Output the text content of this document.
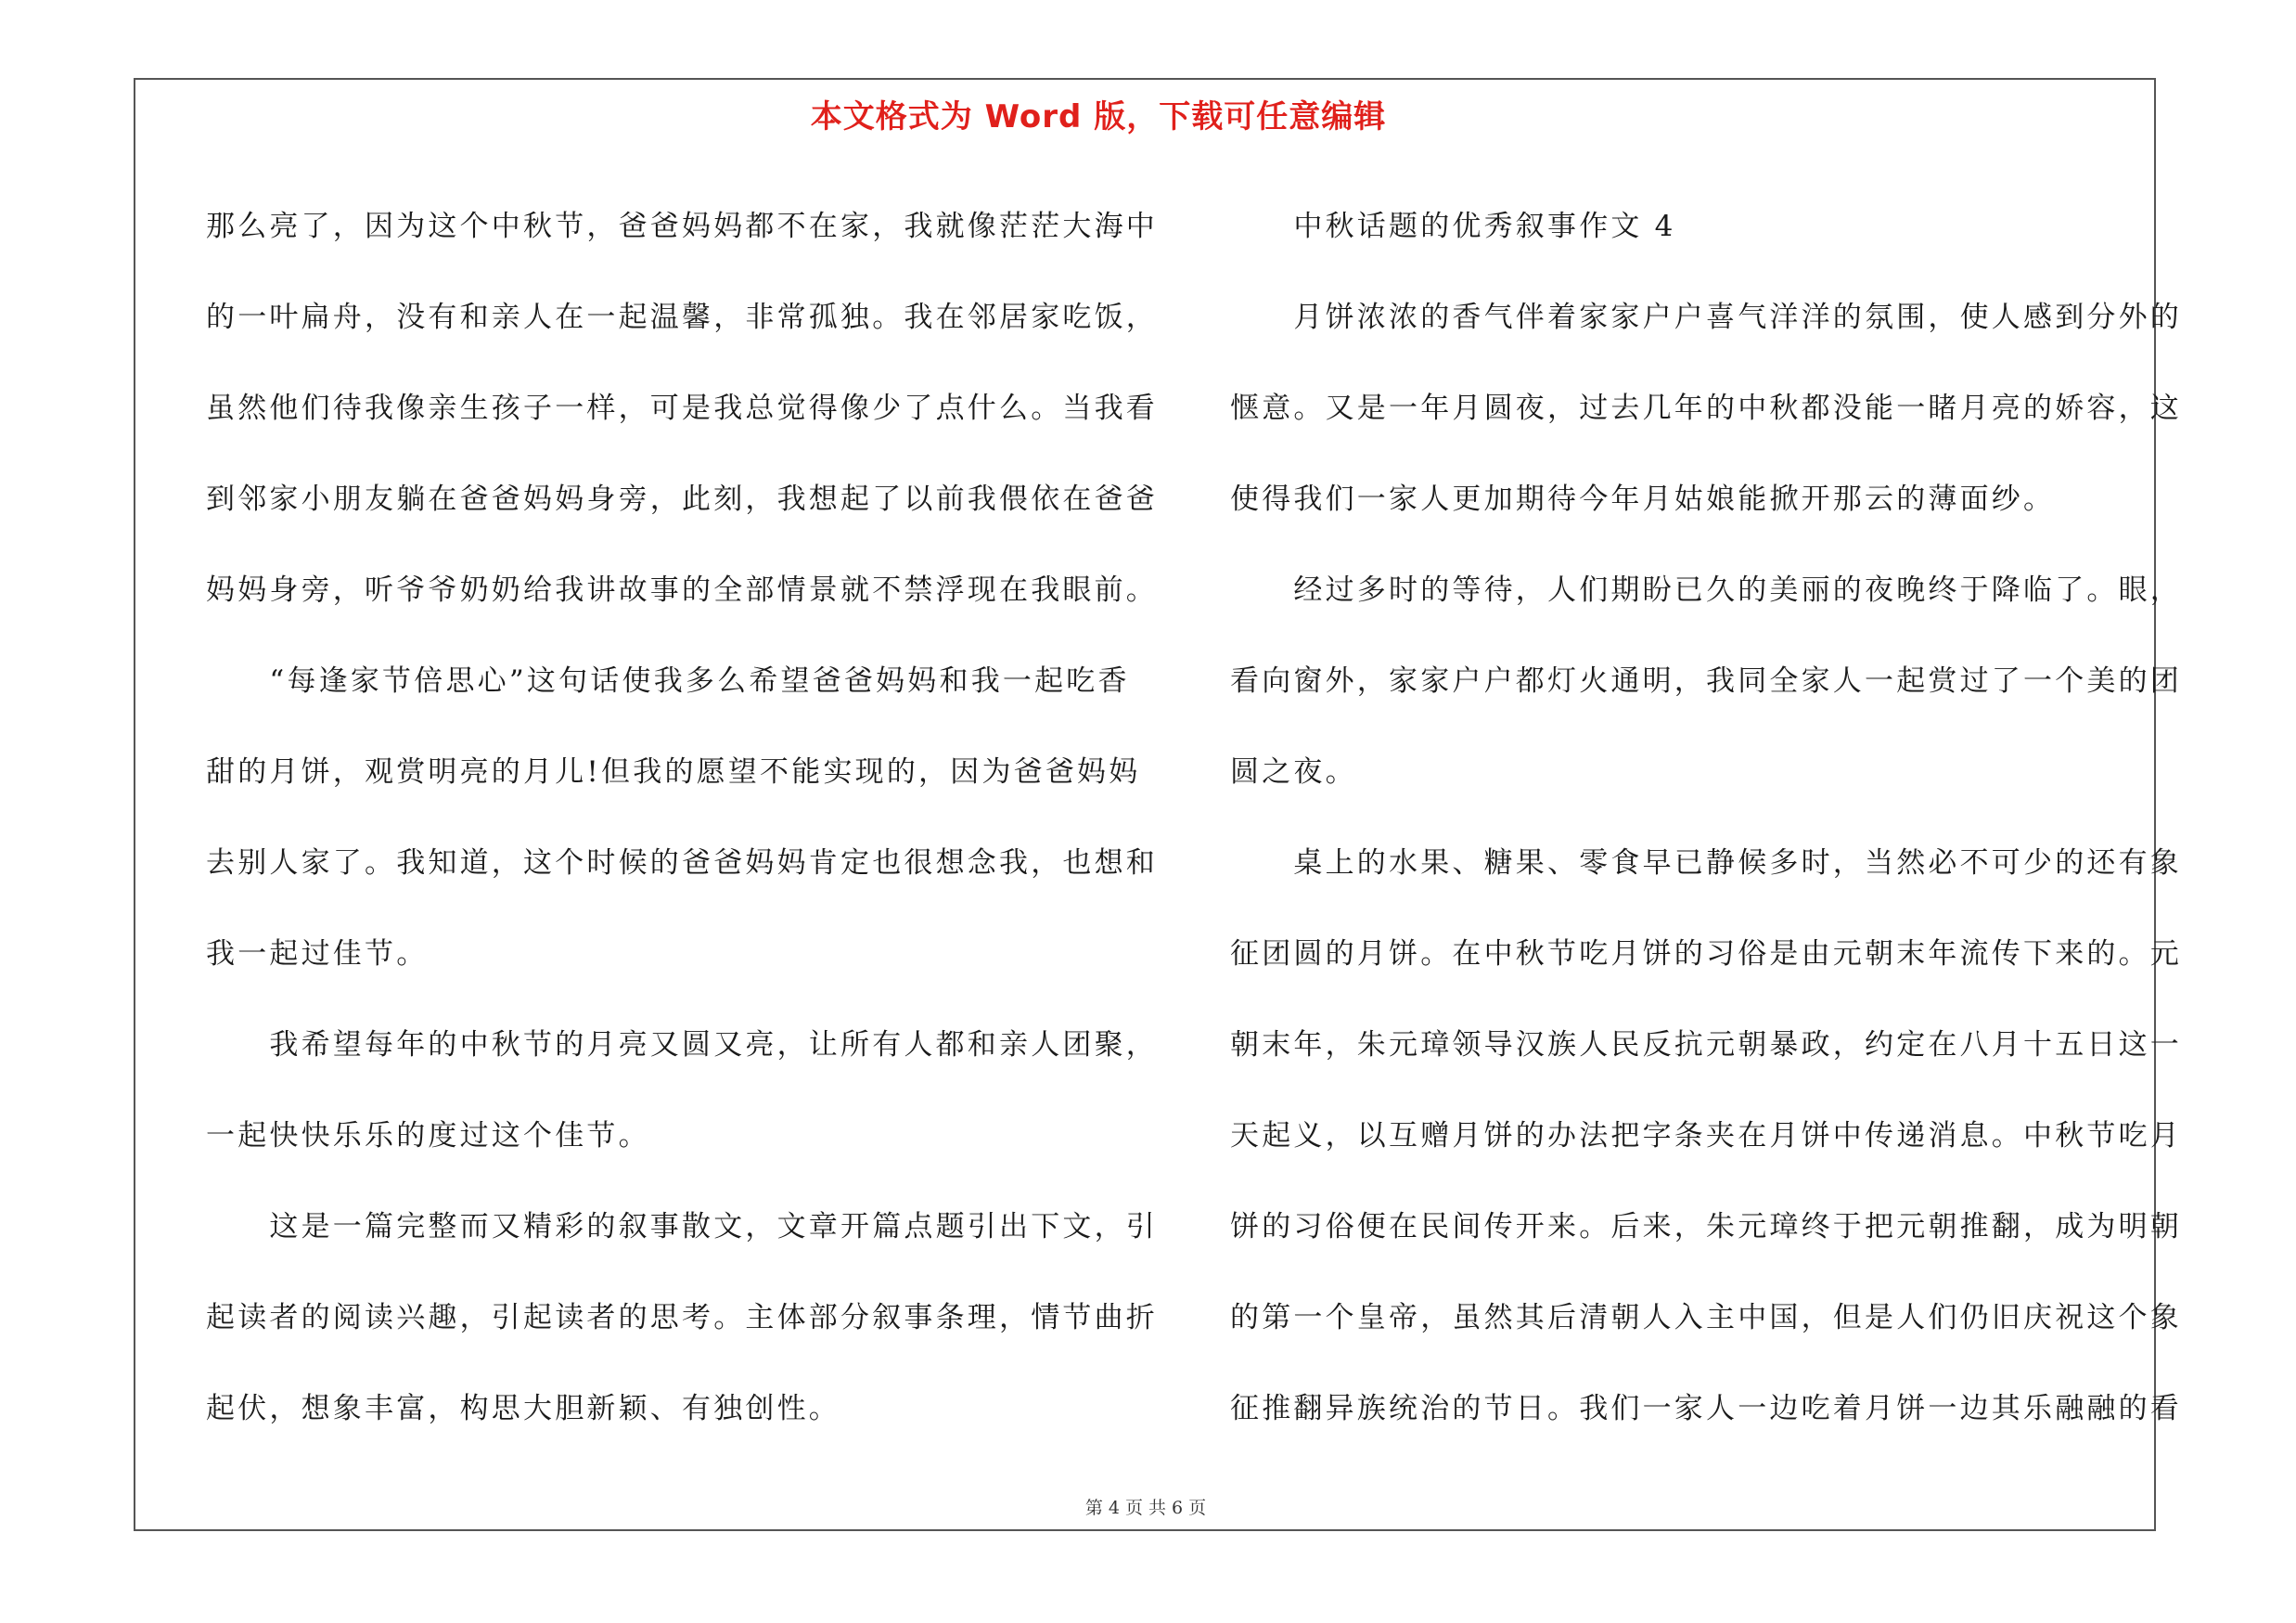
本文格式为 Word 版，下载可任意编辑
那么亮了，因为这个中秋节，爸爸妈妈都不在家，我就像茫茫大海中
的一叶扁舟，没有和亲人在一起温馨，非常孤独。我在邻居家吃饭，
虽然他们待我像亲生孩子一样，可是我总觉得像少了点什么。当我看
到邻家小朋友躺在爸爸妈妈身旁，此刻，我想起了以前我偎依在爸爸
妈妈身旁，听爷爷奶奶给我讲故事的全部情景就不禁浮现在我眼前。
　　“每逢家节倍思心”这句话使我多么希望爸爸妈妈和我一起吃香
甜的月饼，观赏明亮的月儿!但我的愿望不能实现的，因为爸爸妈妈
去别人家了。我知道，这个时候的爸爸妈妈肯定也很想念我，也想和
我一起过佳节。
　　我希望每年的中秋节的月亮又圆又亮，让所有人都和亲人团聚，
一起快快乐乐的度过这个佳节。
　　这是一篇完整而又精彩的叙事散文，文章开篇点题引出下文，引
起读者的阅读兴趣，引起读者的思考。主体部分叙事条理，情节曲折
起伏，想象丰富，构思大胆新颖、有独创性。
　　中秋话题的优秀叙事作文 4
　　月饼浓浓的香气伴着家家户户喜气洋洋的氛围，使人感到分外的
惬意。又是一年月圆夜，过去几年的中秋都没能一睹月亮的娇容，这
使得我们一家人更加期待今年月姑娘能掀开那云的薄面纱。
　　经过多时的等待，人们期盼已久的美丽的夜晚终于降临了。眼，
看向窗外，家家户户都灯火通明，我同全家人一起赏过了一个美的团
圆之夜。
　　桌上的水果、糖果、零食早已静候多时，当然必不可少的还有象
征团圆的月饼。在中秋节吃月饼的习俗是由元朝末年流传下来的。元
朝末年，朱元璋领导汉族人民反抗元朝暴政，约定在八月十五日这一
天起义，以互赠月饼的办法把字条夹在月饼中传递消息。中秋节吃月
饼的习俗便在民间传开来。后来，朱元璋终于把元朝推翻，成为明朝
的第一个皇帝，虽然其后清朝人入主中国，但是人们仍旧庆祝这个象
征推翻异族统治的节日。我们一家人一边吃着月饼一边其乐融融的看
第 4 页 共 6 页
